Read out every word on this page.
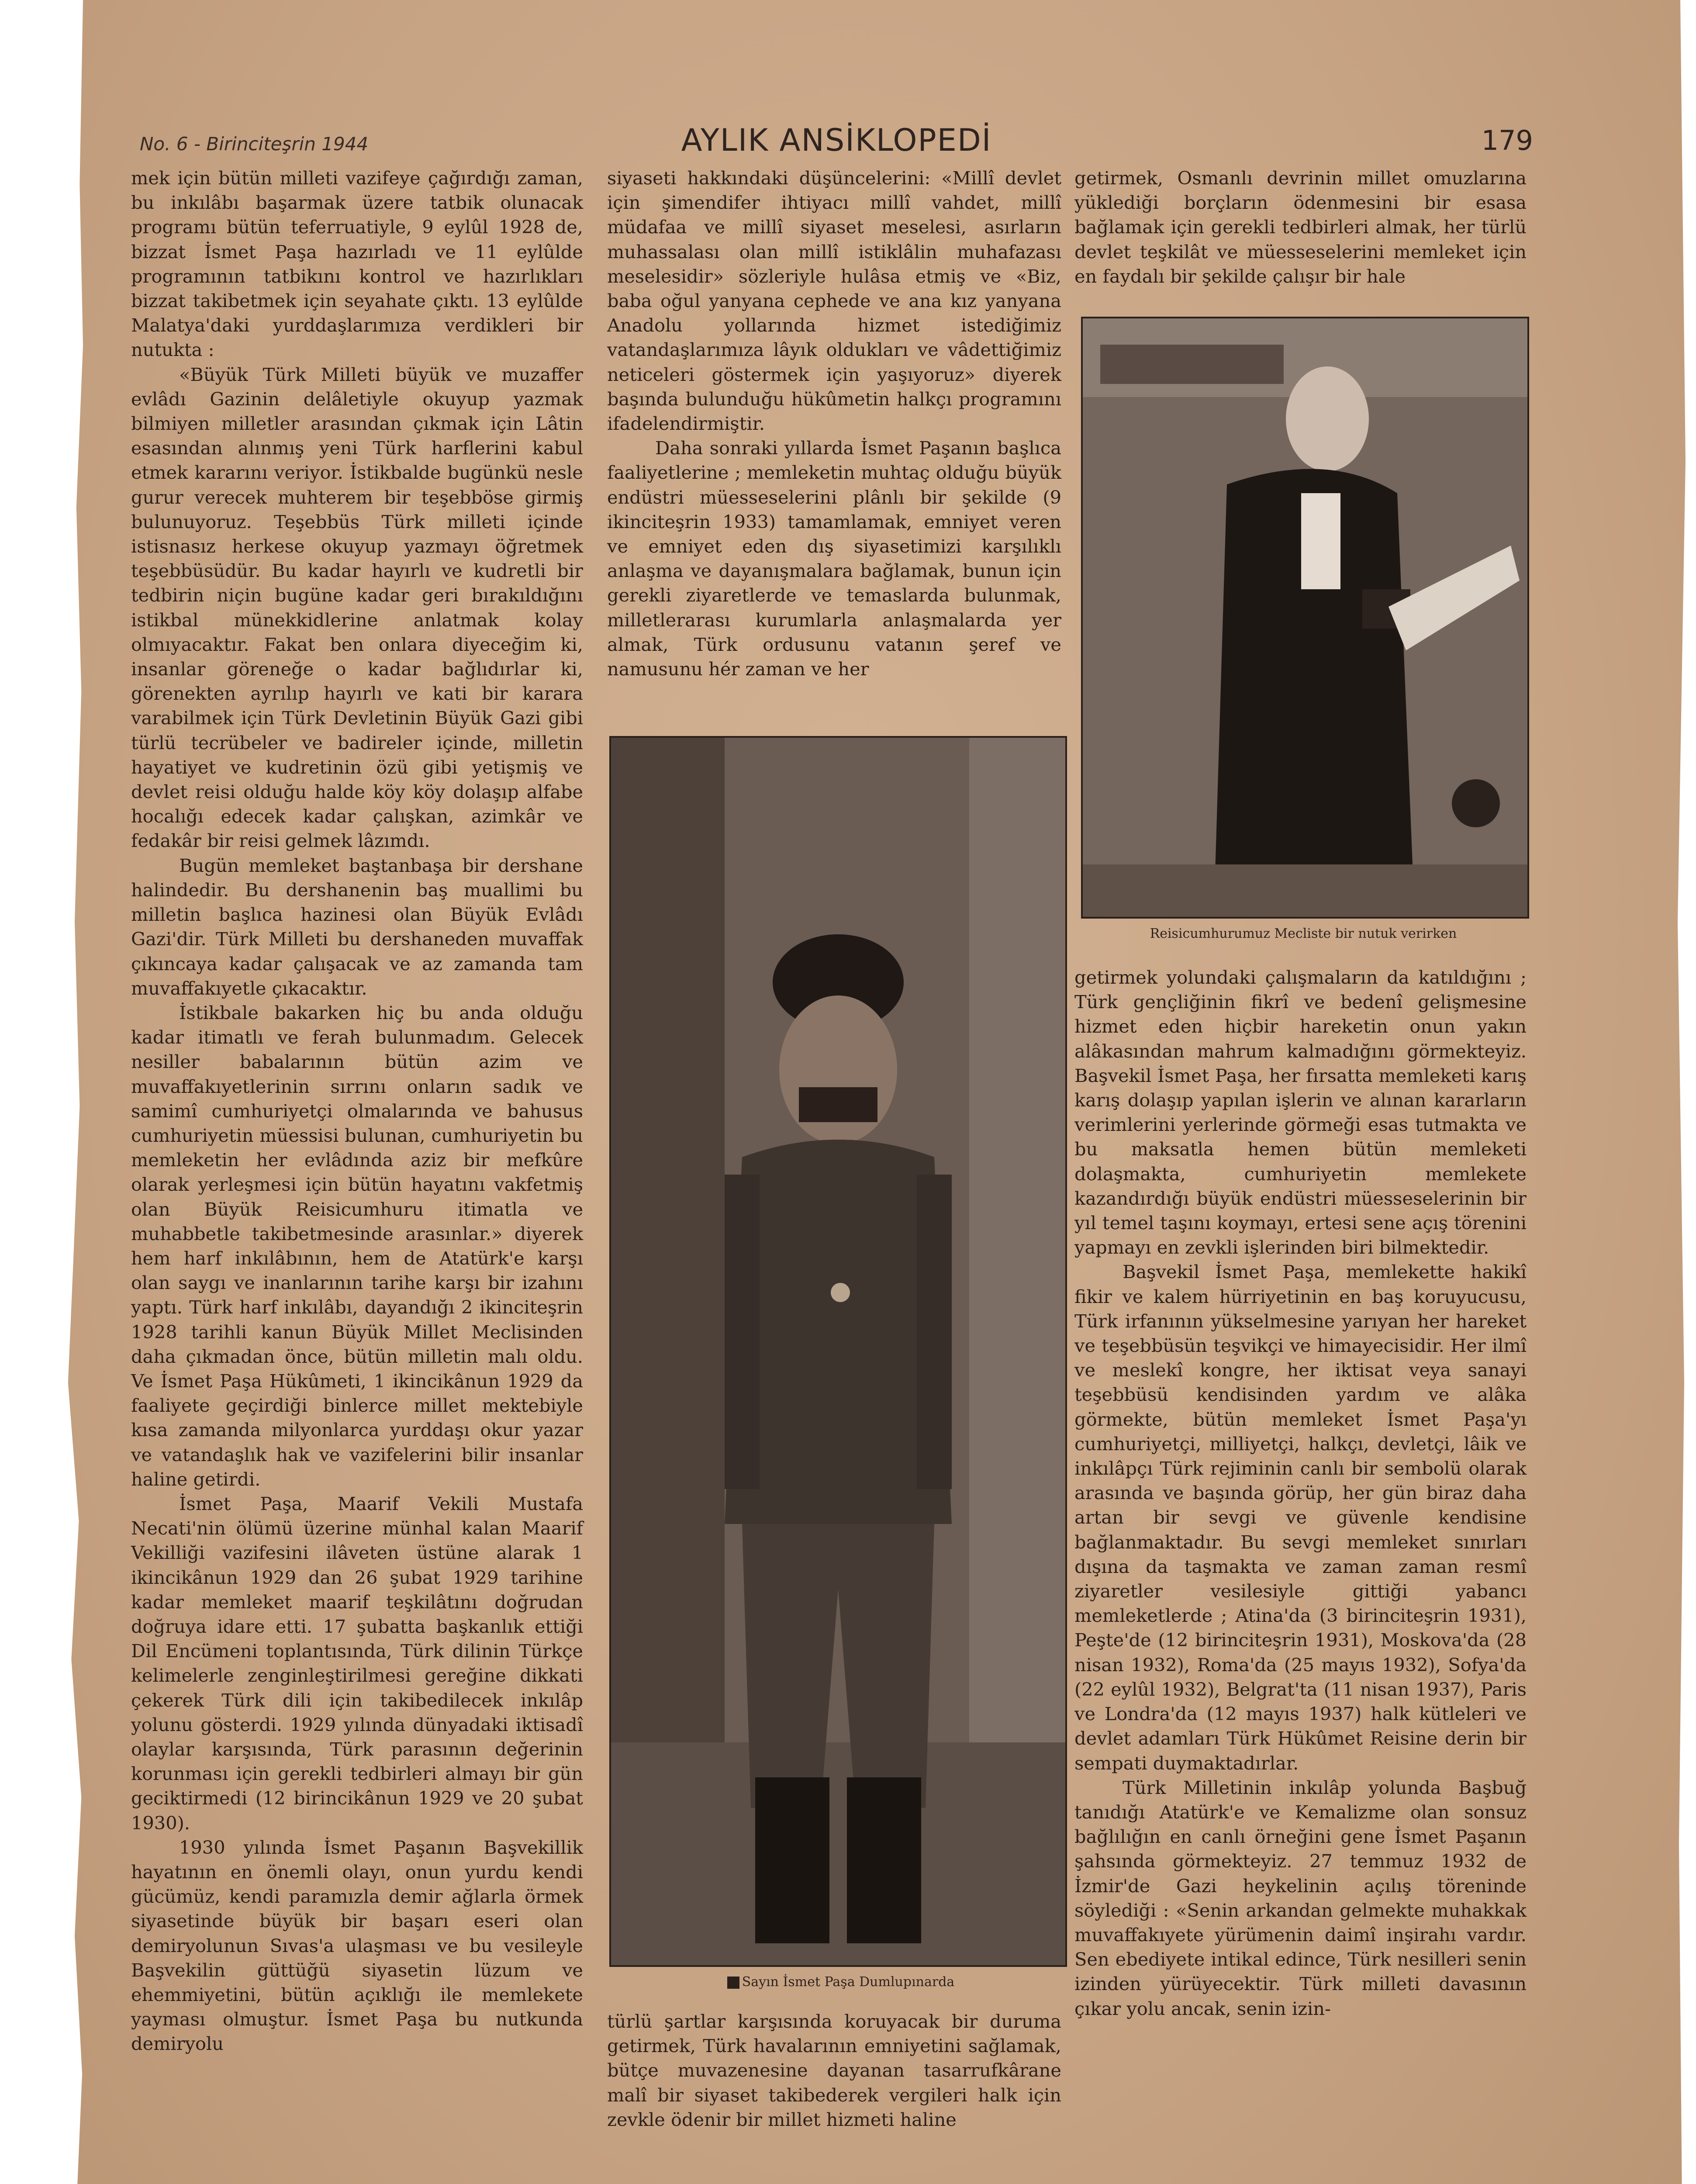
No. 6 - Birinciteşrin 1944	AYLIK ANSİKLOPEDİ	179

mek için bütün milleti vazifeye çağırdığı zaman, bu inkılâbı başarmak üzere tatbik olunacak programı bütün teferruatiyle, 9 eylûl 1928 de, bizzat İsmet Paşa hazırladı ve 11 eylûlde programının tatbikını kontrol ve hazırlıkları bizzat takibetmek için seyahate çıktı. 13 eylûlde Malatya'daki yurddaşlarımıza verdikleri bir nutukta :

«Büyük Türk Milleti büyük ve muzaffer evlâdı Gazinin delâletiyle okuyup yazmak bilmiyen milletler arasından çıkmak için Lâtin esasından alınmış yeni Türk harflerini kabul etmek kararını veriyor. İstikbalde bugünkü nesle gurur verecek muhterem bir teşebböse girmiş bulunuyoruz. Teşebbüs Türk milleti içinde istisnasız herkese okuyup yazmayı öğretmek teşebbüsüdür. Bu kadar hayırlı ve kudretli bir tedbirin niçin bugüne kadar geri bırakıldığını istikbal münekkidlerine anlatmak kolay olmıyacaktır. Fakat ben onlara diyeceğim ki, insanlar göreneğe o kadar bağlıdırlar ki, görenekten ayrılıp hayırlı ve kati bir karara varabilmek için Türk Devletinin Büyük Gazi gibi türlü tecrübeler ve badireler içinde, milletin hayatiyet ve kudretinin özü gibi yetişmiş ve devlet reisi olduğu halde köy köy dolaşıp alfabe hocalığı edecek kadar çalışkan, azimkâr ve fedakâr bir reisi gelmek lâzımdı.

Bugün memleket baştanbaşa bir dershane halindedir. Bu dershanenin baş muallimi bu milletin başlıca hazinesi olan Büyük Evlâdı Gazi'dir. Türk Milleti bu dershaneden muvaffak çıkıncaya kadar çalışacak ve az zamanda tam muvaffakıyetle çıkacaktır.

İstikbale bakarken hiç bu anda olduğu kadar itimatlı ve ferah bulunmadım. Gelecek nesiller babalarının bütün azim ve muvaffakıyetlerinin sırrını onların sadık ve samimî cumhuriyetçi olmalarında ve bahusus cumhuriyetin müessisi bulunan, cumhuriyetin bu memleketin her evlâdında aziz bir mefkûre olarak yerleşmesi için bütün hayatını vakfetmiş olan Büyük Reisicumhuru itimatla ve muhabbetle takibetmesinde arasınlar.» diyerek hem harf inkılâbının, hem de Atatürk'e karşı olan saygı ve inanlarının tarihe karşı bir izahını yaptı. Türk harf inkılâbı, dayandığı 2 ikinciteşrin 1928 tarihli kanun Büyük Millet Meclisinden daha çıkmadan önce, bütün milletin malı oldu. Ve İsmet Paşa Hükûmeti, 1 ikincikânun 1929 da faaliyete geçirdiği binlerce millet mektebiyle kısa zamanda milyonlarca yurddaşı okur yazar ve vatandaşlık hak ve vazifelerini bilir insanlar haline getirdi.

İsmet Paşa, Maarif Vekili Mustafa Necati'nin ölümü üzerine münhal kalan Maarif Vekilliği vazifesini ilâveten üstüne alarak 1 ikincikânun 1929 dan 26 şubat 1929 tarihine kadar memleket maarif teşkilâtını doğrudan doğruya idare etti. 17 şubatta başkanlık ettiği Dil Encümeni toplantısında, Türk dilinin Türkçe kelimelerle zenginleştirilmesi gereğine dikkati çekerek Türk dili için takibedilecek inkılâp yolunu gösterdi. 1929 yılında dünyadaki iktisadî olaylar karşısında, Türk parasının değerinin korunması için gerekli tedbirleri almayı bir gün geciktirmedi (12 birincikânun 1929 ve 20 şubat 1930).

1930 yılında İsmet Paşanın Başvekillik hayatının en önemli olayı, onun yurdu kendi gücümüz, kendi paramızla demir ağlarla örmek siyasetinde büyük bir başarı eseri olan demiryolunun Sıvas'a ulaşması ve bu vesileyle Başvekilin güttüğü siyasetin lüzum ve ehemmiyetini, bütün açıklığı ile memlekete yayması olmuştur. İsmet Paşa bu nutkunda demiryolu

siyaseti hakkındaki düşüncelerini: «Millî devlet için şimendifer ihtiyacı millî vahdet, millî müdafaa ve millî siyaset meselesi, asırların muhassalası olan millî istiklâlin muhafazası meselesidir» sözleriyle hulâsa etmiş ve «Biz, baba oğul yanyana cephede ve ana kız yanyana Anadolu yollarında hizmet istediğimiz vatandaşlarımıza lâyık oldukları ve vâdettiğimiz neticeleri göstermek için yaşıyoruz» diyerek başında bulunduğu hükûmetin halkçı programını ifadelendirmiştir.

Daha sonraki yıllarda İsmet Paşanın başlıca faaliyetlerine ; memleketin muhtaç olduğu büyük endüstri müesseselerini plânlı bir şekilde (9 ikinciteşrin 1933) tamamlamak, emniyet veren ve emniyet eden dış siyasetimizi karşılıklı anlaşma ve dayanışmalara bağlamak, bunun için gerekli ziyaretlerde ve temaslarda bulunmak, milletlerarası kurumlarla anlaşmalarda yer almak, Türk ordusunu vatanın şeref ve namusunu hér zaman ve her

Sayın İsmet Paşa Dumlupınarda

türlü şartlar karşısında koruyacak bir duruma getirmek, Türk havalarının emniyetini sağlamak, bütçe muvazenesine dayanan tasarrufkârane malî bir siyaset takibederek vergileri halk için zevkle ödenir bir millet hizmeti haline

getirmek, Osmanlı devrinin millet omuzlarına yüklediği borçların ödenmesini bir esasa bağlamak için gerekli tedbirleri almak, her türlü devlet teşkilât ve müesseselerini memleket için en faydalı bir şekilde çalışır bir hale

Reisicumhurumuz Mecliste bir nutuk verirken

getirmek yolundaki çalışmaların da katıldığını ; Türk gençliğinin fikrî ve bedenî gelişmesine hizmet eden hiçbir hareketin onun yakın alâkasından mahrum kalmadığını görmekteyiz. Başvekil İsmet Paşa, her fırsatta memleketi karış karış dolaşıp yapılan işlerin ve alınan kararların verimlerini yerlerinde görmeği esas tutmakta ve bu maksatla hemen bütün memleketi dolaşmakta, cumhuriyetin memlekete kazandırdığı büyük endüstri müesseselerinin bir yıl temel taşını koymayı, ertesi sene açış törenini yapmayı en zevkli işlerinden biri bilmektedir.

Başvekil İsmet Paşa, memlekette hakikî fikir ve kalem hürriyetinin en baş koruyucusu, Türk irfanının yükselmesine yarıyan her hareket ve teşebbüsün teşvikçi ve himayecisidir. Her ilmî ve meslekî kongre, her iktisat veya sanayi teşebbüsü kendisinden yardım ve alâka görmekte, bütün memleket İsmet Paşa'yı cumhuriyetçi, milliyetçi, halkçı, devletçi, lâik ve inkılâpçı Türk rejiminin canlı bir sembolü olarak arasında ve başında görüp, her gün biraz daha artan bir sevgi ve güvenle kendisine bağlanmaktadır. Bu sevgi memleket sınırları dışına da taşmakta ve zaman zaman resmî ziyaretler vesilesiyle gittiği yabancı memleketlerde ; Atina'da (3 birinciteşrin 1931), Peşte'de (12 birinciteşrin 1931), Moskova'da (28 nisan 1932), Roma'da (25 mayıs 1932), Sofya'da (22 eylûl 1932), Belgrat'ta (11 nisan 1937), Paris ve Londra'da (12 mayıs 1937) halk kütleleri ve devlet adamları Türk Hükûmet Reisine derin bir sempati duymaktadırlar.

Türk Milletinin inkılâp yolunda Başbuğ tanıdığı Atatürk'e ve Kemalizme olan sonsuz bağlılığın en canlı örneğini gene İsmet Paşanın şahsında görmekteyiz. 27 temmuz 1932 de İzmir'de Gazi heykelinin açılış töreninde söylediği : «Senin arkandan gelmekte muhakkak muvaffakıyete yürümenin daimî inşirahı vardır. Sen ebediyete intikal edince, Türk nesilleri senin izinden yürüyecektir. Türk milleti davasının çıkar yolu ancak, senin izin-
